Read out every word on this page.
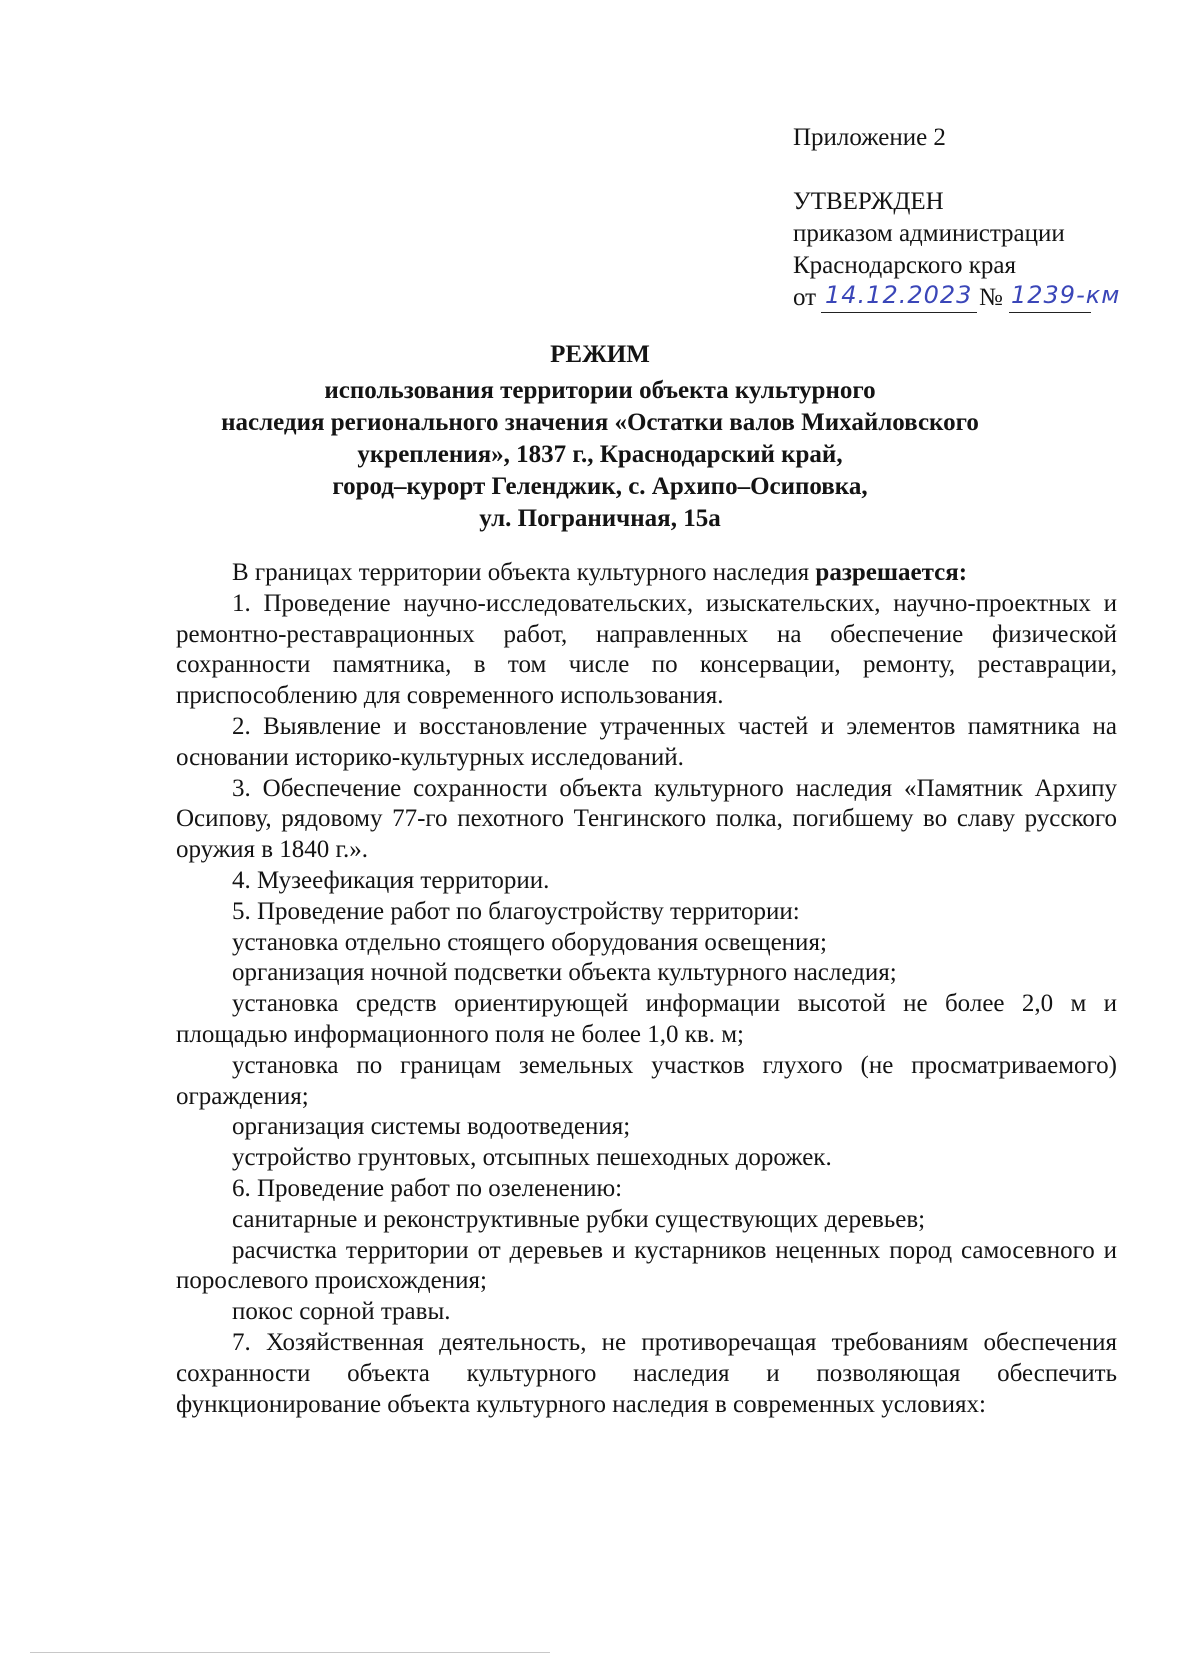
Приложение 2
УТВЕРЖДЕН
приказом администрации
Краснодарского края
от 14.12.2023 № 1239-км
РЕЖИМ
использования территории объекта культурного
наследия регионального значения «Остатки валов Михайловского
укрепления», 1837 г., Краснодарский край,
город–курорт Геленджик, с. Архипо–Осиповка,
ул. Пограничная, 15а

В границах территории объекта культурного наследия разрешается:

1. Проведение научно-исследовательских, изыскательских, научно-проектных и ремонтно-реставрационных работ, направленных на обеспечение физической сохранности памятника, в том числе по консервации, ремонту, реставрации, приспособлению для современного использования.

2. Выявление и восстановление утраченных частей и элементов памятника на основании историко-культурных исследований.

3. Обеспечение сохранности объекта культурного наследия «Памятник Архипу Осипову, рядовому 77-го пехотного Тенгинского полка, погибшему во славу русского оружия в 1840 г.».

4. Музеефикация территории.

5. Проведение работ по благоустройству территории:

установка отдельно стоящего оборудования освещения;

организация ночной подсветки объекта культурного наследия;

установка средств ориентирующей информации высотой не более 2,0 м и площадью информационного поля не более 1,0 кв. м;

установка по границам земельных участков глухого (не просматриваемого) ограждения;

организация системы водоотведения;

устройство грунтовых, отсыпных пешеходных дорожек.

6. Проведение работ по озеленению:

санитарные и реконструктивные рубки существующих деревьев;

расчистка территории от деревьев и кустарников неценных пород самосевного и порослевого происхождения;

покос сорной травы.

7. Хозяйственная деятельность, не противоречащая требованиям обеспечения сохранности объекта культурного наследия и позволяющая обеспечить функционирование объекта культурного наследия в современных условиях:
